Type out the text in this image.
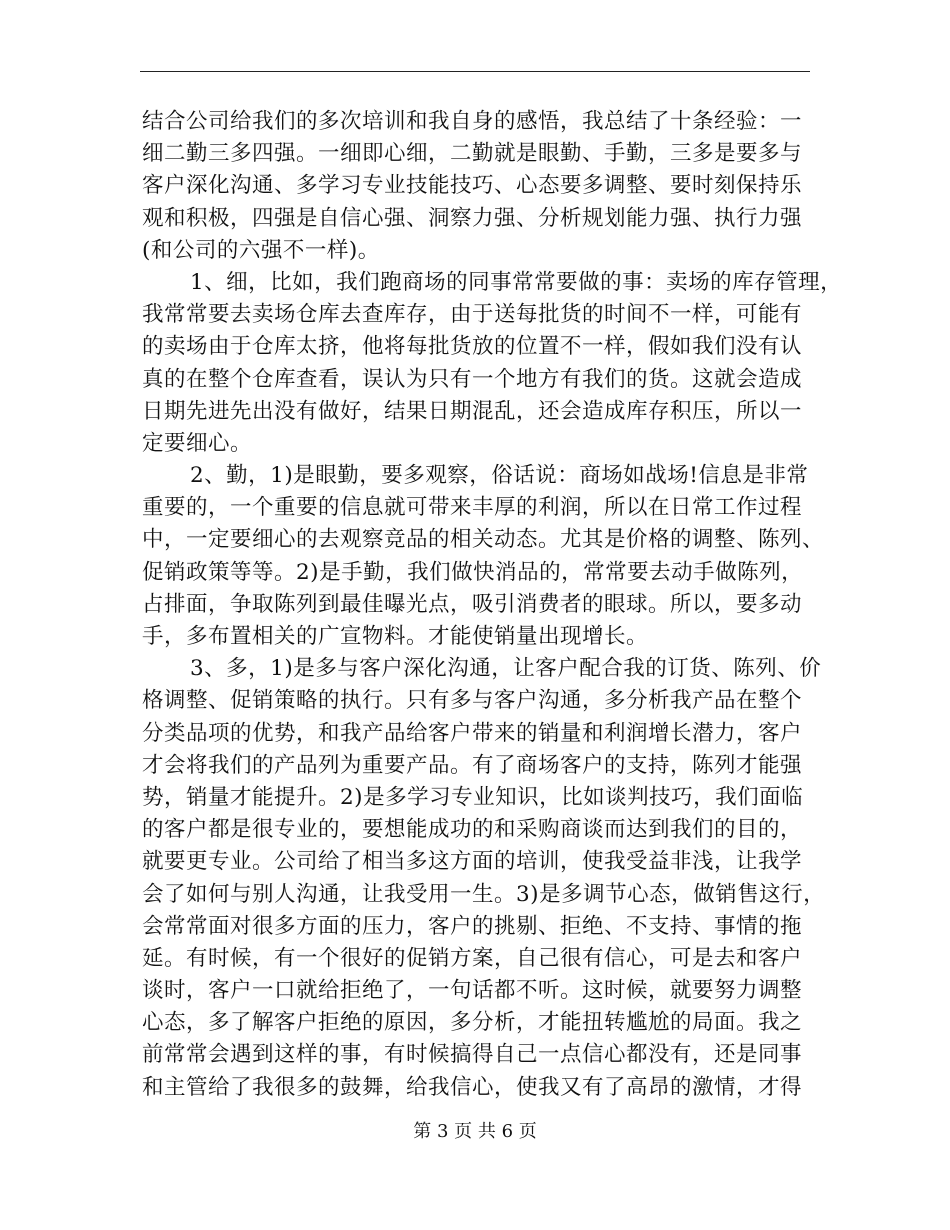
结合公司给我们的多次培训和我自身的感悟，我总结了十条经验：一
细二勤三多四强。一细即心细，二勤就是眼勤、手勤，三多是要多与
客户深化沟通、多学习专业技能技巧、心态要多调整、要时刻保持乐
观和积极，四强是自信心强、洞察力强、分析规划能力强、执行力强
(和公司的六强不一样)。
1、细，比如，我们跑商场的同事常常要做的事：卖场的库存管理，
我常常要去卖场仓库去查库存，由于送每批货的时间不一样，可能有
的卖场由于仓库太挤，他将每批货放的位置不一样，假如我们没有认
真的在整个仓库查看，误认为只有一个地方有我们的货。这就会造成
日期先进先出没有做好，结果日期混乱，还会造成库存积压，所以一
定要细心。
2、勤，1)是眼勤，要多观察，俗话说：商场如战场!信息是非常
重要的，一个重要的信息就可带来丰厚的利润，所以在日常工作过程
中，一定要细心的去观察竞品的相关动态。尤其是价格的调整、陈列、
促销政策等等。2)是手勤，我们做快消品的，常常要去动手做陈列，
占排面，争取陈列到最佳曝光点，吸引消费者的眼球。所以，要多动
手，多布置相关的广宣物料。才能使销量出现增长。
3、多，1)是多与客户深化沟通，让客户配合我的订货、陈列、价
格调整、促销策略的执行。只有多与客户沟通，多分析我产品在整个
分类品项的优势，和我产品给客户带来的销量和利润增长潜力，客户
才会将我们的产品列为重要产品。有了商场客户的支持，陈列才能强
势，销量才能提升。2)是多学习专业知识，比如谈判技巧，我们面临
的客户都是很专业的，要想能成功的和采购商谈而达到我们的目的，
就要更专业。公司给了相当多这方面的培训，使我受益非浅，让我学
会了如何与别人沟通，让我受用一生。3)是多调节心态，做销售这行，
会常常面对很多方面的压力，客户的挑剔、拒绝、不支持、事情的拖
延。有时候，有一个很好的促销方案，自己很有信心，可是去和客户
谈时，客户一口就给拒绝了，一句话都不听。这时候，就要努力调整
心态，多了解客户拒绝的原因，多分析，才能扭转尴尬的局面。我之
前常常会遇到这样的事，有时候搞得自己一点信心都没有，还是同事
和主管给了我很多的鼓舞，给我信心，使我又有了高昂的激情，才得
第 3 页 共 6 页
